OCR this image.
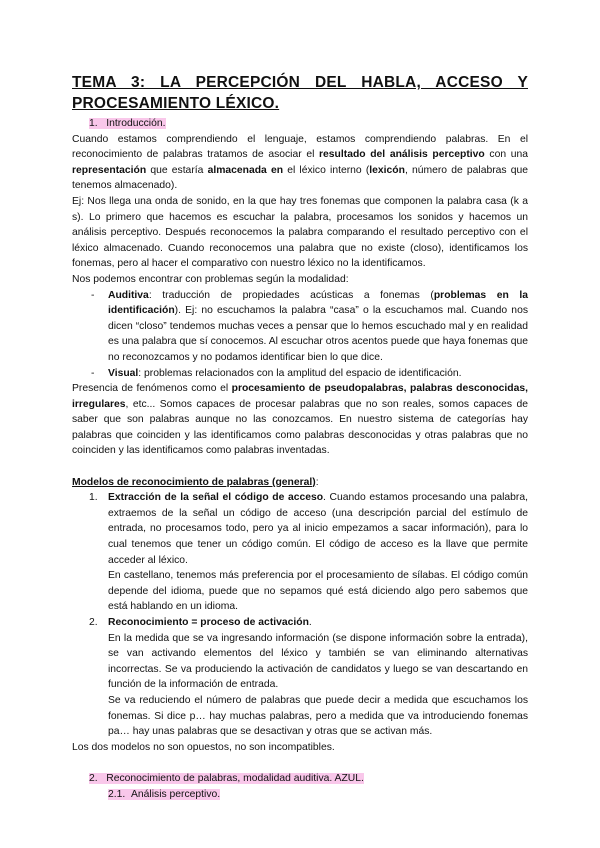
TEMA 3: LA PERCEPCIÓN DEL HABLA, ACCESO Y
PROCESAMIENTO LÉXICO.
1. Introducción.

Cuando estamos comprendiendo el lenguaje, estamos comprendiendo palabras. En el reconocimiento de palabras tratamos de asociar el resultado del análisis perceptivo con una representación que estaría almacenada en el léxico interno (lexicón, número de palabras que tenemos almacenado).

Ej: Nos llega una onda de sonido, en la que hay tres fonemas que componen la palabra casa (k a s). Lo primero que hacemos es escuchar la palabra, procesamos los sonidos y hacemos un análisis perceptivo. Después reconocemos la palabra comparando el resultado perceptivo con el léxico almacenado. Cuando reconocemos una palabra que no existe (closo), identificamos los fonemas, pero al hacer el comparativo con nuestro léxico no la identificamos.

Nos podemos encontrar con problemas según la modalidad:

- Auditiva: traducción de propiedades acústicas a fonemas (problemas en la identificación). Ej: no escuchamos la palabra “casa” o la escuchamos mal. Cuando nos dicen “closo” tendemos muchas veces a pensar que lo hemos escuchado mal y en realidad es una palabra que sí conocemos. Al escuchar otros acentos puede que haya fonemas que no reconozcamos y no podamos identificar bien lo que dice.
- Visual: problemas relacionados con la amplitud del espacio de identificación.

Presencia de fenómenos como el procesamiento de pseudopalabras, palabras desconocidas, irregulares, etc... Somos capaces de procesar palabras que no son reales, somos capaces de saber que son palabras aunque no las conozcamos. En nuestro sistema de categorías hay palabras que coinciden y las identificamos como palabras desconocidas y otras palabras que no coinciden y las identificamos como palabras inventadas.

Modelos de reconocimiento de palabras (general):

1. Extracción de la señal el código de acceso. Cuando estamos procesando una palabra, extraemos de la señal un código de acceso (una descripción parcial del estímulo de entrada, no procesamos todo, pero ya al inicio empezamos a sacar información), para lo cual tenemos que tener un código común. El código de acceso es la llave que permite acceder al léxico.
En castellano, tenemos más preferencia por el procesamiento de sílabas. El código común depende del idioma, puede que no sepamos qué está diciendo algo pero sabemos que está hablando en un idioma.
2. Reconocimiento = proceso de activación.
En la medida que se va ingresando información (se dispone información sobre la entrada), se van activando elementos del léxico y también se van eliminando alternativas incorrectas. Se va produciendo la activación de candidatos y luego se van descartando en función de la información de entrada.
Se va reduciendo el número de palabras que puede decir a medida que escuchamos los fonemas. Si dice p… hay muchas palabras, pero a medida que va introduciendo fonemas pa… hay unas palabras que se desactivan y otras que se activan más.

Los dos modelos no son opuestos, no son incompatibles.

2. Reconocimiento de palabras, modalidad auditiva. AZUL.
2.1. Análisis perceptivo.
